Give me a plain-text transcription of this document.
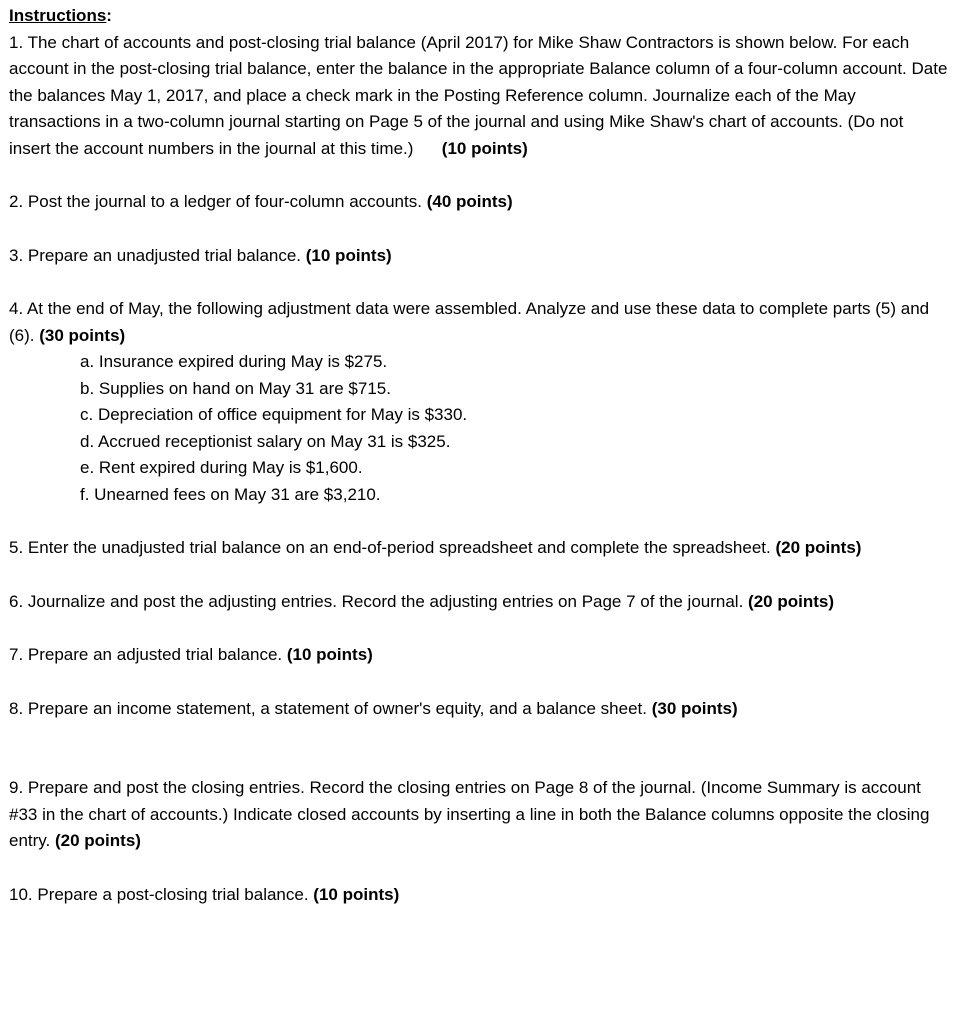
Instructions:

1. The chart of accounts and post-closing trial balance (April 2017) for Mike Shaw Contractors is shown below. For each account in the post-closing trial balance, enter the balance in the appropriate Balance column of a four-column account. Date the balances May 1, 2017, and place a check mark in the Posting Reference column. Journalize each of the May transactions in a two-column journal starting on Page 5 of the journal and using Mike Shaw's chart of accounts. (Do not insert the account numbers in the journal at this time.) (10 points)

2. Post the journal to a ledger of four-column accounts. (40 points)

3. Prepare an unadjusted trial balance. (10 points)

4. At the end of May, the following adjustment data were assembled. Analyze and use these data to complete parts (5) and (6). (30 points)

a. Insurance expired during May is $275.
b. Supplies on hand on May 31 are $715.
c. Depreciation of office equipment for May is $330.
d. Accrued receptionist salary on May 31 is $325.
e. Rent expired during May is $1,600.
f. Unearned fees on May 31 are $3,210.

5. Enter the unadjusted trial balance on an end-of-period spreadsheet and complete the spreadsheet. (20 points)

6. Journalize and post the adjusting entries. Record the adjusting entries on Page 7 of the journal. (20 points)

7. Prepare an adjusted trial balance. (10 points)

8. Prepare an income statement, a statement of owner's equity, and a balance sheet. (30 points)

9. Prepare and post the closing entries. Record the closing entries on Page 8 of the journal. (Income Summary is account #33 in the chart of accounts.) Indicate closed accounts by inserting a line in both the Balance columns opposite the closing entry. (20 points)

10. Prepare a post-closing trial balance. (10 points)
